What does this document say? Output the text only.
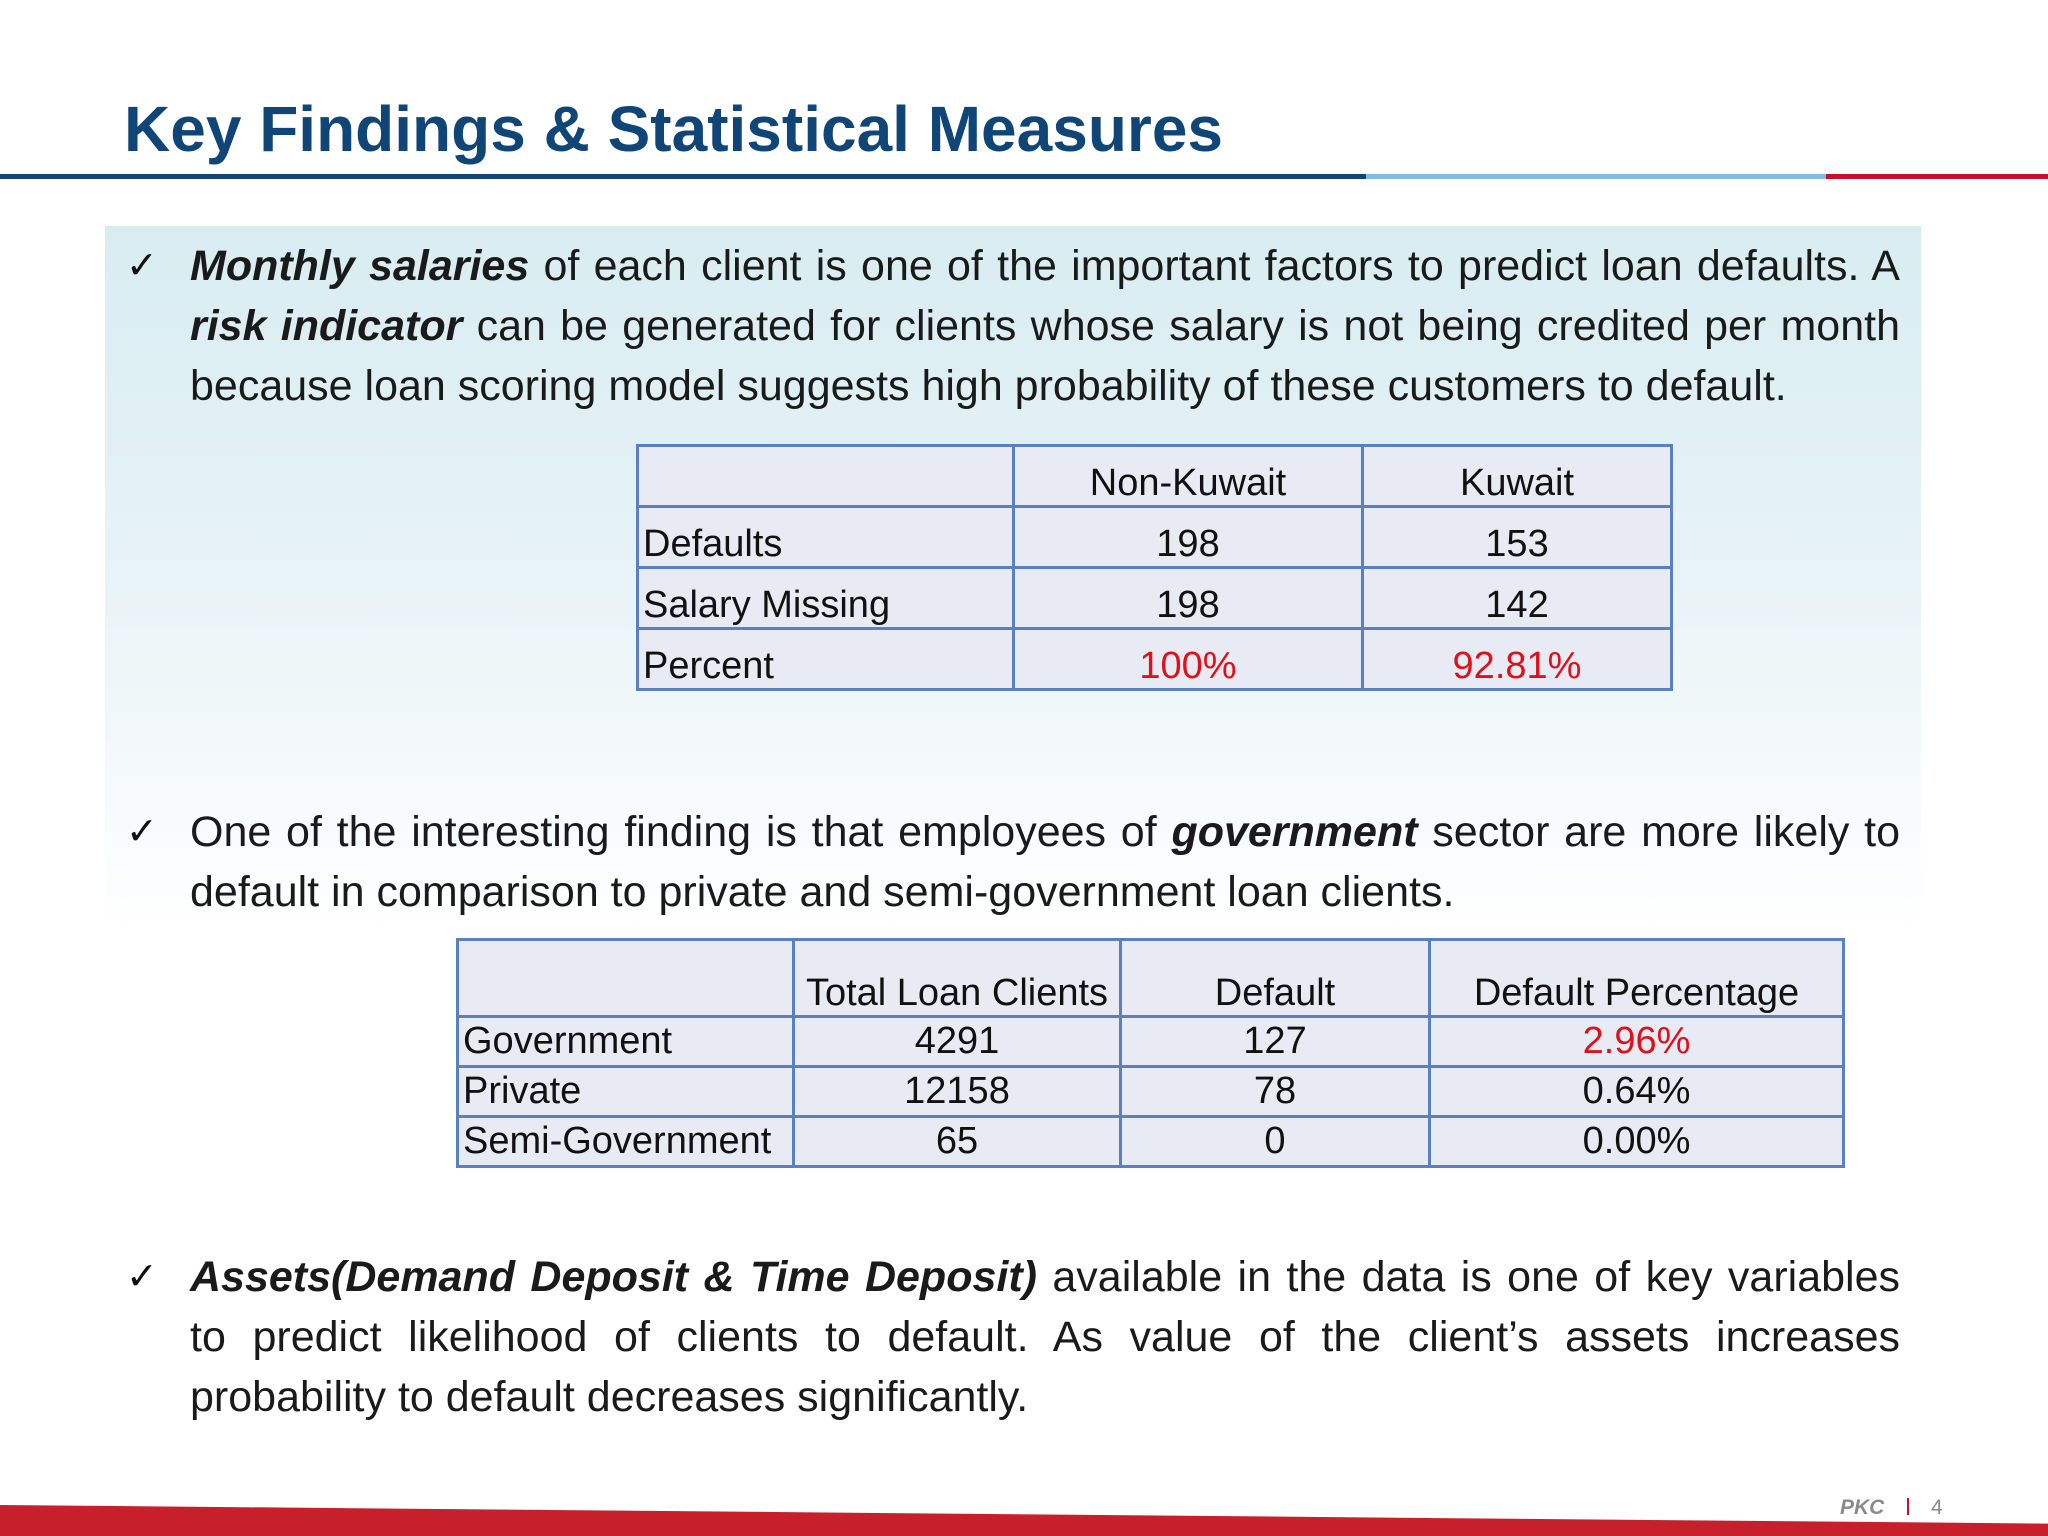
Key Findings & Statistical Measures
✓ Monthly salaries of each client is one of the important factors to predict loan defaults. A risk indicator can be generated for clients whose salary is not being credited per month because loan scoring model suggests high probability of these customers to default.
	Non-Kuwait	Kuwait
Defaults	198	153
Salary Missing	198	142
Percent	100%	92.81%
✓ One of the interesting finding is that employees of government sector are more likely to default in comparison to private and semi-government loan clients.
	Total Loan Clients	Default	Default Percentage
Government	4291	127	2.96%
Private	12158	78	0.64%
Semi-Government	65	0	0.00%
✓ Assets(Demand Deposit & Time Deposit) available in the data is one of key variables to predict likelihood of clients to default. As value of the client’s assets increases probability to default decreases significantly.
PKC 4
